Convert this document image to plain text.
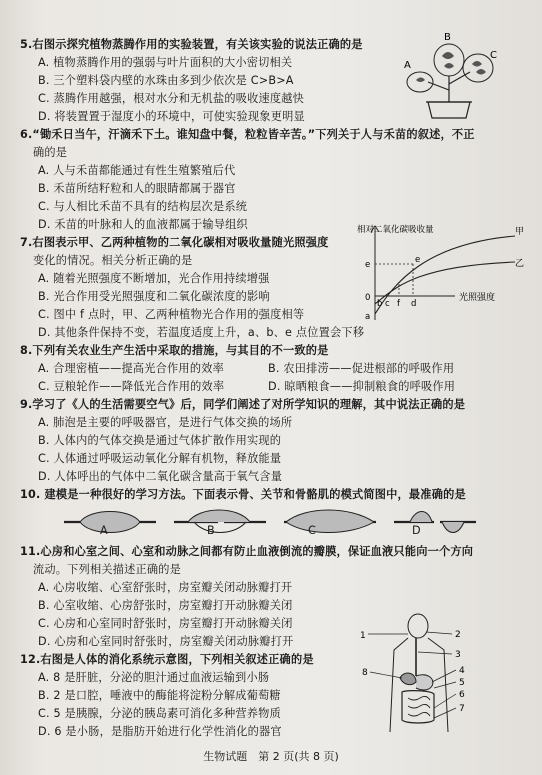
5.右图示探究植物蒸腾作用的实验装置，有关该实验的说法正确的是
A. 植物蒸腾作用的强弱与叶片面积的大小密切相关
B. 三个塑料袋内壁的水珠由多到少依次是 C>B>A
C. 蒸腾作用越强，根对水分和无机盐的吸收速度越快
D. 将装置置于湿度小的环境中，可使实验现象更明显
A
B
C
6.“锄禾日当午，汗滴禾下土。谁知盘中餐，粒粒皆辛苦。”下列关于人与禾苗的叙述，不正
确的是
A. 人与禾苗都能通过有性生殖繁殖后代
B. 禾苗所结籽粒和人的眼睛都属于器官
C. 与人相比禾苗不具有的结构层次是系统
D. 禾苗的叶脉和人的血液都属于输导组织
7.右图表示甲、乙两种植物的二氧化碳相对吸收量随光照强度
变化的情况。相关分析正确的是
A. 随着光照强度不断增加，光合作用持续增强
B. 光合作用受光照强度和二氧化碳浓度的影响
C. 图中 f 点时，甲、乙两种植物光合作用的强度相等
D. 其他条件保持不变，若温度适度上升，a、b、e 点位置会下移
相对二氧化碳吸收量	甲
乙
e	e
0
b c f d
a
光照强度
8.下列有关农业生产生活中采取的措施，与其目的不一致的是
A. 合理密植——提高光合作用的效率	B. 农田排涝——促进根部的呼吸作用
C. 豆粮轮作——降低光合作用的效率	D. 晾晒粮食——抑制粮食的呼吸作用
9.学习了《人的生活需要空气》后，同学们阐述了对所学知识的理解，其中说法正确的是
A. 肺泡是主要的呼吸器官，是进行气体交换的场所
B. 人体内的气体交换是通过气体扩散作用实现的
C. 人体通过呼吸运动氧化分解有机物，释放能量
D. 人体呼出的气体中二氧化碳含量高于氧气含量
10. 建模是一种很好的学习方法。下面表示骨、关节和骨骼肌的模式简图中，最准确的是
A	B	C	D
11.心房和心室之间、心室和动脉之间都有防止血液倒流的瓣膜，保证血液只能向一个方向
流动。下列相关描述正确的是
A. 心房收缩、心室舒张时，房室瓣关闭动脉瓣打开
B. 心室收缩、心房舒张时，房室瓣打开动脉瓣关闭
C. 心房和心室同时舒张时，房室瓣打开动脉瓣关闭
D. 心房和心室同时舒张时，房室瓣关闭动脉瓣打开
12.右图是人体的消化系统示意图，下列相关叙述正确的是
A. 8 是肝脏，分泌的胆汁通过血液运输到小肠
B. 2 是口腔，唾液中的酶能将淀粉分解成葡萄糖
C. 5 是胰腺，分泌的胰岛素可消化多种营养物质
D. 6 是小肠，是脂肪开始进行化学性消化的器官
1	2
3
4
5
6
7
8
生物试题　第 2 页(共 8 页)
